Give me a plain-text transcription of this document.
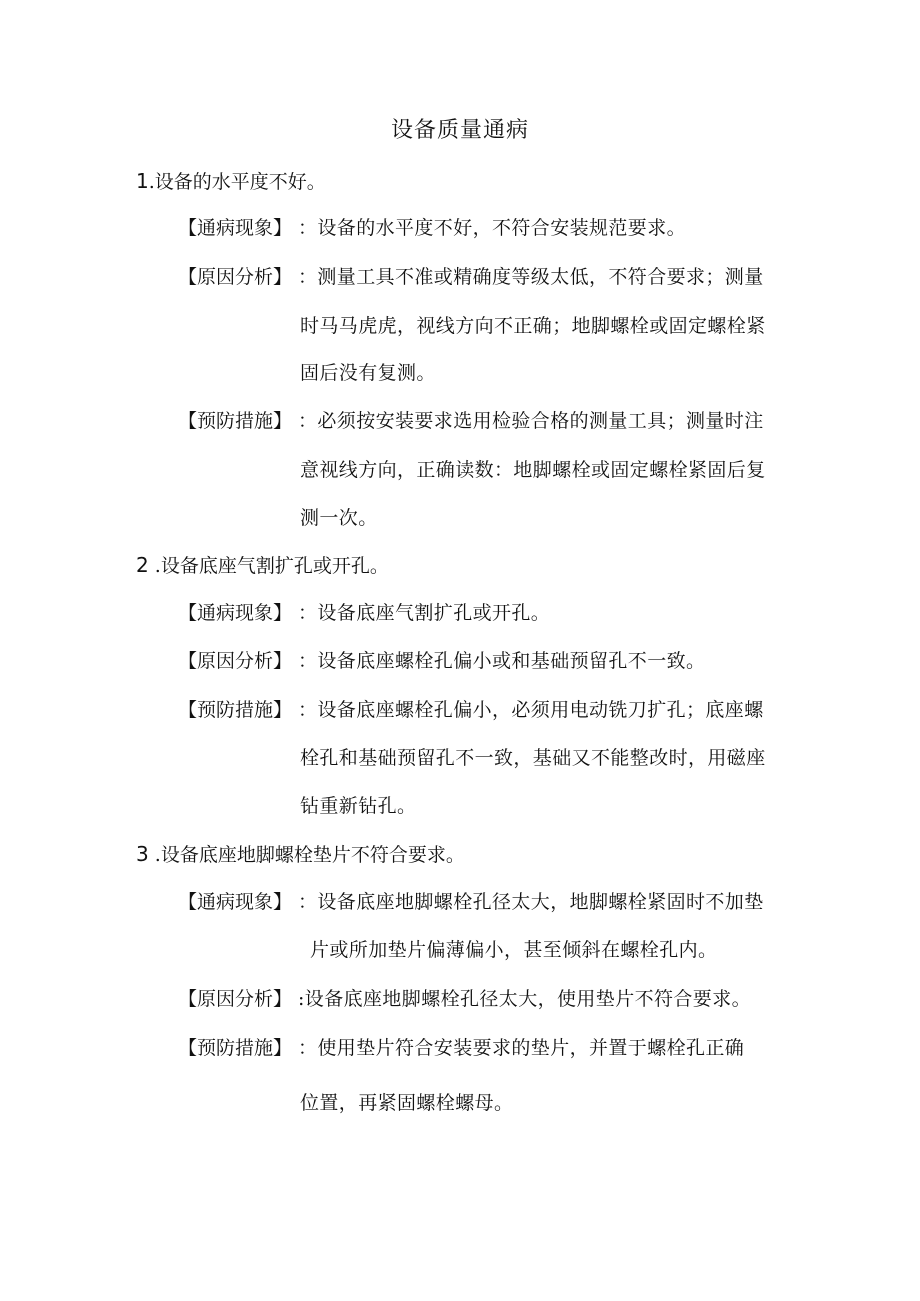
设备质量通病
1.设备的水平度不好。
【通病现象】 ：设备的水平度不好，不符合安装规范要求。
【原因分析】 ：测量工具不准或精确度等级太低，不符合要求；测量
时马马虎虎，视线方向不正确；地脚螺栓或固定螺栓紧
固后没有复测。
【预防措施】 ：必须按安装要求选用检验合格的测量工具；测量时注
意视线方向，正确读数：地脚螺栓或固定螺栓紧固后复
测一次。
2 .设备底座气割扩孔或开孔。
【通病现象】 ：设备底座气割扩孔或开孔。
【原因分析】 ：设备底座螺栓孔偏小或和基础预留孔不一致。
【预防措施】 ：设备底座螺栓孔偏小，必须用电动铣刀扩孔；底座螺
栓孔和基础预留孔不一致，基础又不能整改时，用磁座
钻重新钻孔。
3 .设备底座地脚螺栓垫片不符合要求。
【通病现象】 ：设备底座地脚螺栓孔径太大，地脚螺栓紧固时不加垫
片或所加垫片偏薄偏小，甚至倾斜在螺栓孔内。
【原因分析】 :设备底座地脚螺栓孔径太大，使用垫片不符合要求。
【预防措施】 ：使用垫片符合安装要求的垫片，并置于螺栓孔正确
位置，再紧固螺栓螺母。
